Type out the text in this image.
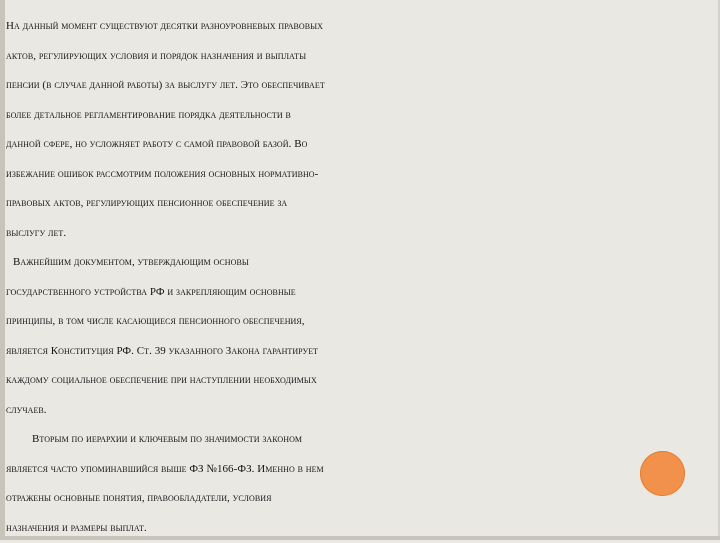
На данный момент существуют десятки разноуровневых правовых
актов, регулирующих условия и порядок назначения и выплаты
пенсии (в случае данной работы) за выслугу лет. Это обеспечивает
более детальное регламентирование порядка деятельности в
данной сфере, но усложняет работу с самой правовой базой. Во
избежание ошибок рассмотрим положения основных нормативно-
правовых актов, регулирующих пенсионное обеспечение за
выслугу лет.
Важнейшим документом, утверждающим основы
государственного устройства РФ и закрепляющим основные
принципы, в том числе касающиеся пенсионного обеспечения,
является Конституция РФ. Ст. 39 указанного Закона гарантирует
каждому социальное обеспечение при наступлении необходимых
случаев.
Вторым по иерархии и ключевым по значимости законом
является часто упоминавшийся выше ФЗ №166-ФЗ. Именно в нем
отражены основные понятия, правообладатели, условия
назначения и размеры выплат.
